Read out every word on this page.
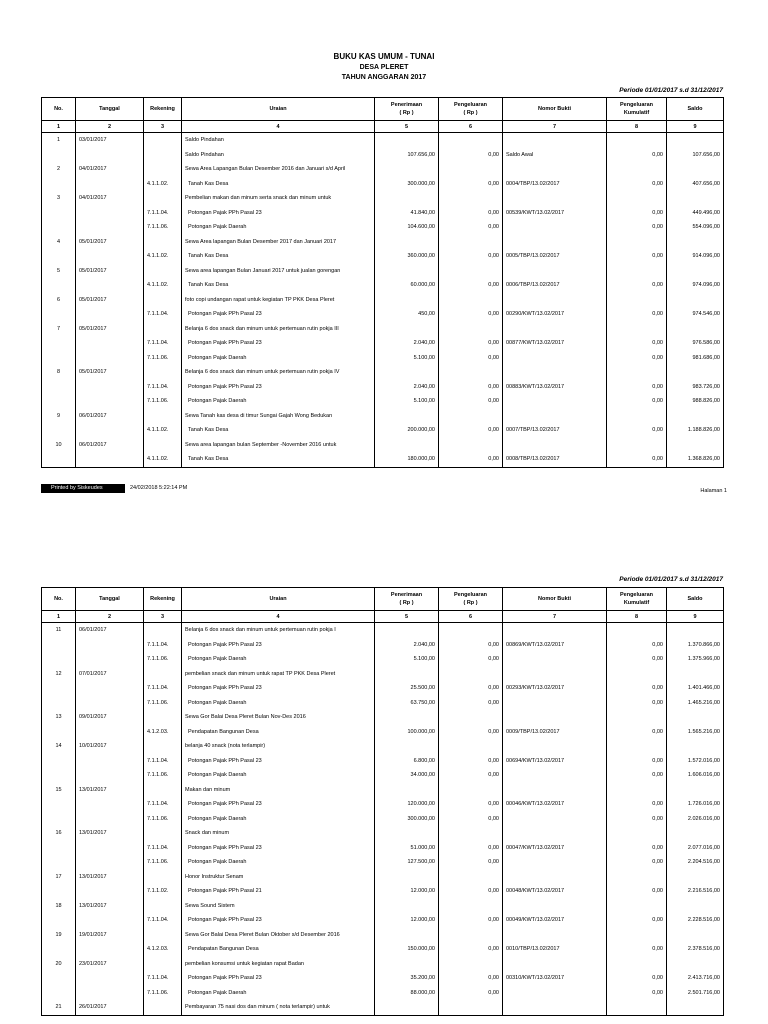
BUKU KAS UMUM - TUNAI
DESA PLERET
TAHUN ANGGARAN 2017
Periode 01/01/2017 s.d 31/12/2017
No.	Tanggal	Rekening	Uraian	Penerimaan
( Rp )	Pengeluaran
( Rp )	Nomor Bukti	Pengeluaran
Kumulatif	Saldo
1	2	3	4	5	6	7	8	9
1	03/01/2017		Saldo Pindahan					
			Saldo Pindahan	107.656,00	0,00	Saldo Awal	0,00	107.656,00
2	04/01/2017		Sewa Area Lapangan Bulan Desember 2016 dan Januari s/d April					
		4.1.1.02.	Tanah Kas Desa	300.000,00	0,00	0004/TBP/13.02/2017	0,00	407.656,00
3	04/01/2017		Pembelian makan dan minum serta snack dan minum untuk					
		7.1.1.04.	Potongan Pajak PPh Pasal 23	41.840,00	0,00	00539/KWT/13.02/2017	0,00	449.496,00
		7.1.1.06.	Potongan Pajak Daerah	104.600,00	0,00		0,00	554.096,00
4	05/01/2017		Sewa Area lapangan Bulan Desember 2017 dan Januari 2017					
		4.1.1.02.	Tanah Kas Desa	360.000,00	0,00	0005/TBP/13.02/2017	0,00	914.096,00
5	05/01/2017		Sewa area lapangan Bulan Januari 2017 untuk jualan gorengan					
		4.1.1.02.	Tanah Kas Desa	60.000,00	0,00	0006/TBP/13.02/2017	0,00	974.096,00
6	05/01/2017		foto copi undangan rapat untuk kegiatan TP PKK Desa Pleret					
		7.1.1.04.	Potongan Pajak PPh Pasal 23	450,00	0,00	00290/KWT/13.02/2017	0,00	974.546,00
7	05/01/2017		Belanja 6 dos snack dan minum untuk pertemuan rutin pokja III					
		7.1.1.04.	Potongan Pajak PPh Pasal 23	2.040,00	0,00	00877/KWT/13.02/2017	0,00	976.586,00
		7.1.1.06.	Potongan Pajak Daerah	5.100,00	0,00		0,00	981.686,00
8	05/01/2017		Belanja 6 dos snack dan minum untuk pertemuan rutin pokja IV					
		7.1.1.04.	Potongan Pajak PPh Pasal 23	2.040,00	0,00	00883/KWT/13.02/2017	0,00	983.726,00
		7.1.1.06.	Potongan Pajak Daerah	5.100,00	0,00		0,00	988.826,00
9	06/01/2017		Sewa Tanah kas desa di timur Sungai Gajah Wong Bedukan					
		4.1.1.02.	Tanah Kas Desa	200.000,00	0,00	0007/TBP/13.02/2017	0,00	1.188.826,00
10	06/01/2017		Sewa area lapangan bulan September -November 2016 untuk					
		4.1.1.02.	Tanah Kas Desa	180.000,00	0,00	0008/TBP/13.02/2017	0,00	1.368.826,00
Printed by Siskeudes	24/02/2018 5:22:14 PM	Halaman 1
Periode 01/01/2017 s.d 31/12/2017
No.	Tanggal	Rekening	Uraian	Penerimaan
( Rp )	Pengeluaran
( Rp )	Nomor Bukti	Pengeluaran
Kumulatif	Saldo
1	2	3	4	5	6	7	8	9
11	06/01/2017		Belanja 6 dos snack dan minum untuk pertemuan rutin pokja I					
		7.1.1.04.	Potongan Pajak PPh Pasal 23	2.040,00	0,00	00869/KWT/13.02/2017	0,00	1.370.866,00
		7.1.1.06.	Potongan Pajak Daerah	5.100,00	0,00		0,00	1.375.966,00
12	07/01/2017		pembelian snack dan minum untuk rapat TP PKK Desa Pleret					
		7.1.1.04.	Potongan Pajak PPh Pasal 23	25.500,00	0,00	00293/KWT/13.02/2017	0,00	1.401.466,00
		7.1.1.06.	Potongan Pajak Daerah	63.750,00	0,00		0,00	1.465.216,00
13	09/01/2017		Sewa Gor Balai Desa Pleret Bulan Nov-Des 2016					
		4.1.2.03.	Pendapatan Bangunan Desa	100.000,00	0,00	0009/TBP/13.02/2017	0,00	1.565.216,00
14	10/01/2017		belanja 40 snack (nota terlampir)					
		7.1.1.04.	Potongan Pajak PPh Pasal 23	6.800,00	0,00	00694/KWT/13.02/2017	0,00	1.572.016,00
		7.1.1.06.	Potongan Pajak Daerah	34.000,00	0,00		0,00	1.606.016,00
15	13/01/2017		Makan dan minum					
		7.1.1.04.	Potongan Pajak PPh Pasal 23	120.000,00	0,00	00046/KWT/13.02/2017	0,00	1.726.016,00
		7.1.1.06.	Potongan Pajak Daerah	300.000,00	0,00		0,00	2.026.016,00
16	13/01/2017		Snack dan minum					
		7.1.1.04.	Potongan Pajak PPh Pasal 23	51.000,00	0,00	00047/KWT/13.02/2017	0,00	2.077.016,00
		7.1.1.06.	Potongan Pajak Daerah	127.500,00	0,00		0,00	2.204.516,00
17	13/01/2017		Honor Instruktur Senam					
		7.1.1.02.	Potongan Pajak PPh Pasal 21	12.000,00	0,00	00048/KWT/13.02/2017	0,00	2.216.516,00
18	13/01/2017		Sewa Sound Sistem					
		7.1.1.04.	Potongan Pajak PPh Pasal 23	12.000,00	0,00	00049/KWT/13.02/2017	0,00	2.228.516,00
19	19/01/2017		Sewa Gor Balai Desa Pleret Bulan Oktober s/d Desember 2016					
		4.1.2.03.	Pendapatan Bangunan Desa	150.000,00	0,00	0010/TBP/13.02/2017	0,00	2.378.516,00
20	23/01/2017		pembelian konsumsi untuk kegiatan rapat Badan					
		7.1.1.04.	Potongan Pajak PPh Pasal 23	35.200,00	0,00	00310/KWT/13.02/2017	0,00	2.413.716,00
		7.1.1.06.	Potongan Pajak Daerah	88.000,00	0,00		0,00	2.501.716,00
21	26/01/2017		Pembayaran 75 nasi dos dan minum ( nota terlampir) untuk					
